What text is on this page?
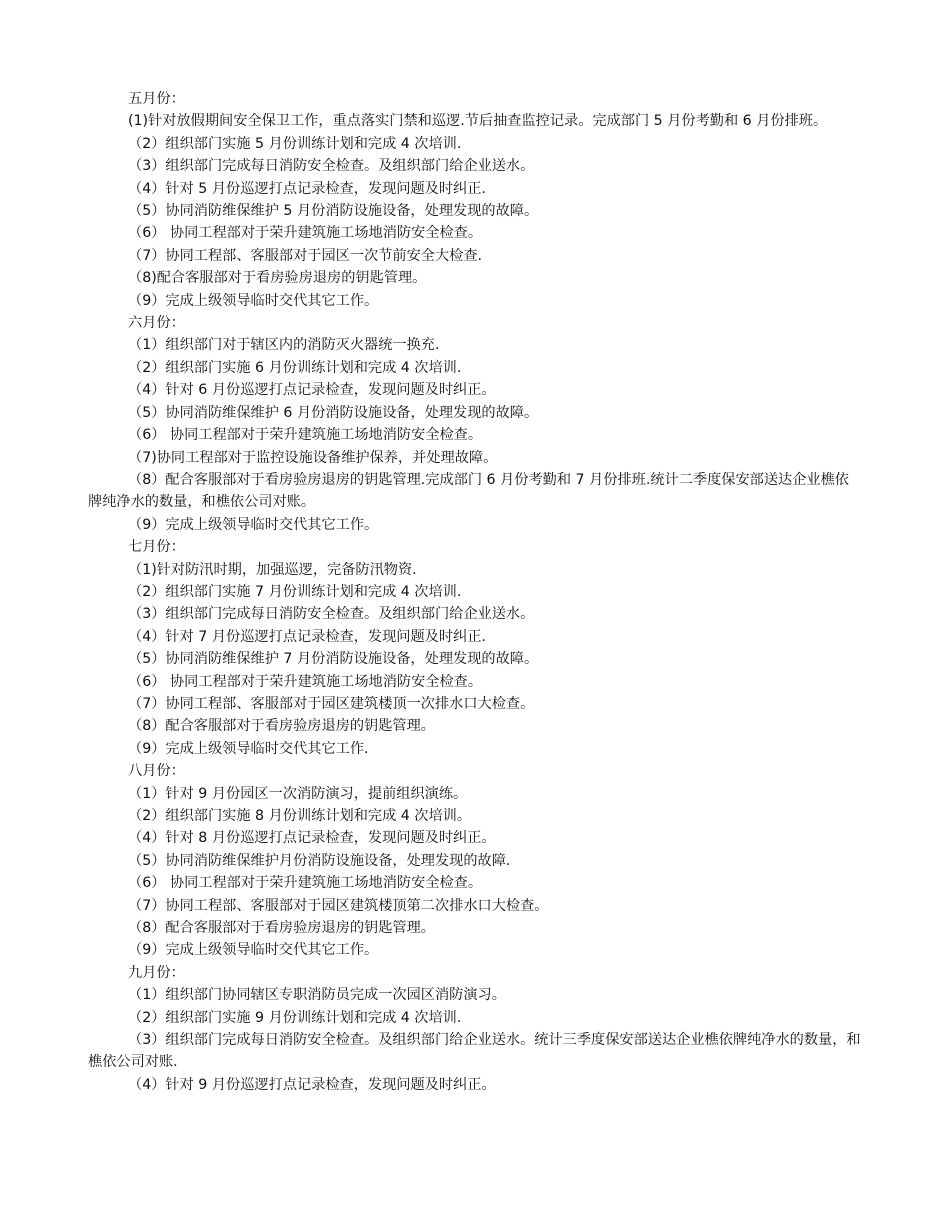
五月份：

(1)针对放假期间安全保卫工作，重点落实门禁和巡逻.节后抽查监控记录。完成部门 5 月份考勤和 6 月份排班。

（2）组织部门实施 5 月份训练计划和完成 4 次培训.

（3）组织部门完成每日消防安全检查。及组织部门给企业送水。

（4）针对 5 月份巡逻打点记录检查，发现问题及时纠正.

（5）协同消防维保维护 5 月份消防设施设备，处理发现的故障。

（6） 协同工程部对于荣升建筑施工场地消防安全检查。

（7）协同工程部、客服部对于园区一次节前安全大检查.

（8)配合客服部对于看房验房退房的钥匙管理。

（9）完成上级领导临时交代其它工作。

六月份：

（1）组织部门对于辖区内的消防灭火器统一换充.

（2）组织部门实施 6 月份训练计划和完成 4 次培训.

（4）针对 6 月份巡逻打点记录检查，发现问题及时纠正。

（5）协同消防维保维护 6 月份消防设施设备，处理发现的故障。

（6） 协同工程部对于荣升建筑施工场地消防安全检查。

（7)协同工程部对于监控设施设备维护保养，并处理故障。

（8）配合客服部对于看房验房退房的钥匙管理.完成部门 6 月份考勤和 7 月份排班.统计二季度保安部送达企业樵依牌纯净水的数量，和樵依公司对账。

（9）完成上级领导临时交代其它工作。

七月份：

（1)针对防汛时期，加强巡逻，完备防汛物资.

（2）组织部门实施 7 月份训练计划和完成 4 次培训.

（3）组织部门完成每日消防安全检查。及组织部门给企业送水。

（4）针对 7 月份巡逻打点记录检查，发现问题及时纠正.

（5）协同消防维保维护 7 月份消防设施设备，处理发现的故障。

（6） 协同工程部对于荣升建筑施工场地消防安全检查。

（7）协同工程部、客服部对于园区建筑楼顶一次排水口大检查。

（8）配合客服部对于看房验房退房的钥匙管理。

（9）完成上级领导临时交代其它工作.

八月份：

（1）针对 9 月份园区一次消防演习，提前组织演练。

（2）组织部门实施 8 月份训练计划和完成 4 次培训。

（4）针对 8 月份巡逻打点记录检查，发现问题及时纠正。

（5）协同消防维保维护月份消防设施设备，处理发现的故障.

（6） 协同工程部对于荣升建筑施工场地消防安全检查。

（7）协同工程部、客服部对于园区建筑楼顶第二次排水口大检查。

（8）配合客服部对于看房验房退房的钥匙管理。

（9）完成上级领导临时交代其它工作。

九月份：

（1）组织部门协同辖区专职消防员完成一次园区消防演习。

（2）组织部门实施 9 月份训练计划和完成 4 次培训.

（3）组织部门完成每日消防安全检查。及组织部门给企业送水。统计三季度保安部送达企业樵依牌纯净水的数量，和樵依公司对账.

（4）针对 9 月份巡逻打点记录检查，发现问题及时纠正。
